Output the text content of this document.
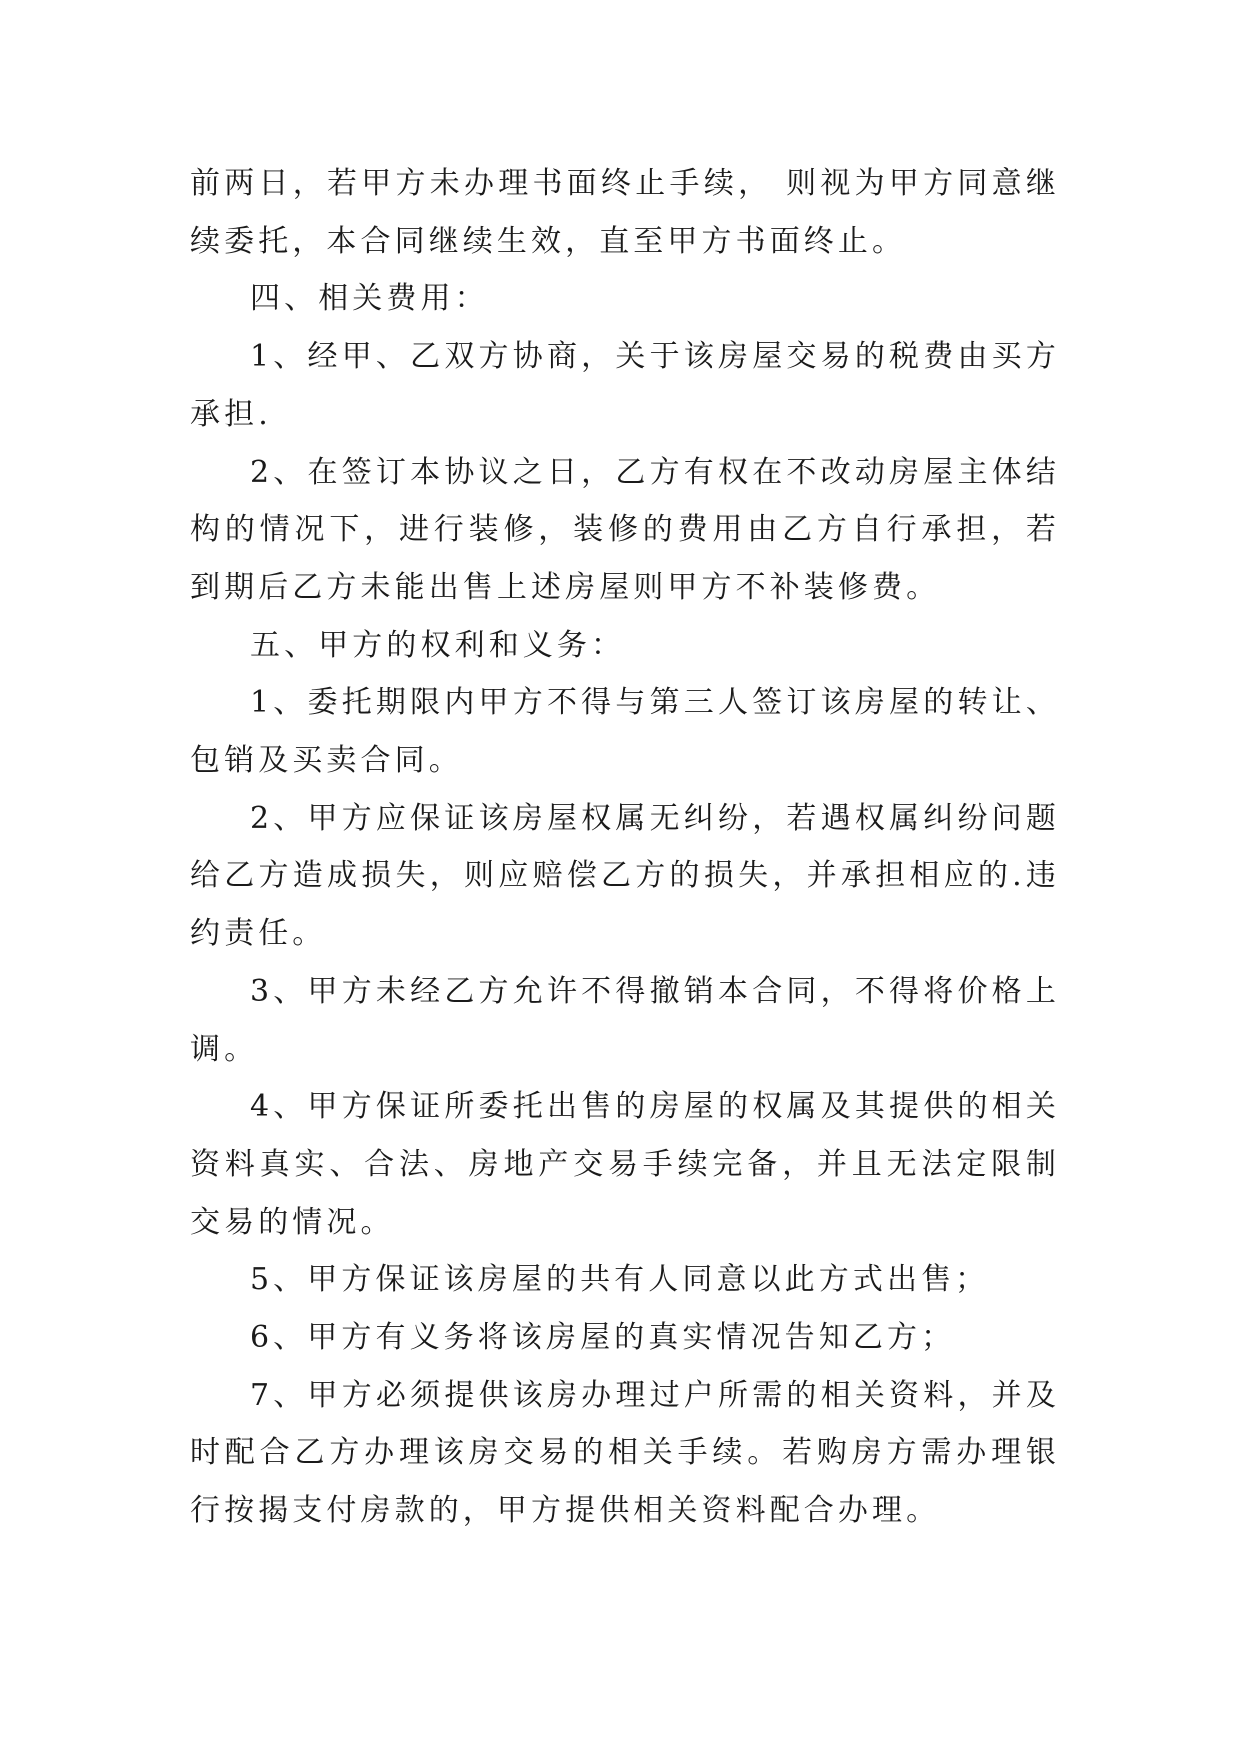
前两日，若甲方未办理书面终止手续， 则视为甲方同意继续委托，本合同继续生效，直至甲方书面终止。

四、相关费用：

1、经甲、乙双方协商，关于该房屋交易的税费由买方承担.

2、在签订本协议之日，乙方有权在不改动房屋主体结构的情况下，进行装修，装修的费用由乙方自行承担，若到期后乙方未能出售上述房屋则甲方不补装修费。

五、甲方的权利和义务：

1、委托期限内甲方不得与第三人签订该房屋的转让、包销及买卖合同。

2、甲方应保证该房屋权属无纠纷，若遇权属纠纷问题给乙方造成损失，则应赔偿乙方的损失，并承担相应的.违约责任。

3、甲方未经乙方允许不得撤销本合同，不得将价格上调。

4、甲方保证所委托出售的房屋的权属及其提供的相关资料真实、合法、房地产交易手续完备，并且无法定限制交易的情况。

5、甲方保证该房屋的共有人同意以此方式出售；

6、甲方有义务将该房屋的真实情况告知乙方；

7、甲方必须提供该房办理过户所需的相关资料，并及时配合乙方办理该房交易的相关手续。若购房方需办理银行按揭支付房款的，甲方提供相关资料配合办理。
